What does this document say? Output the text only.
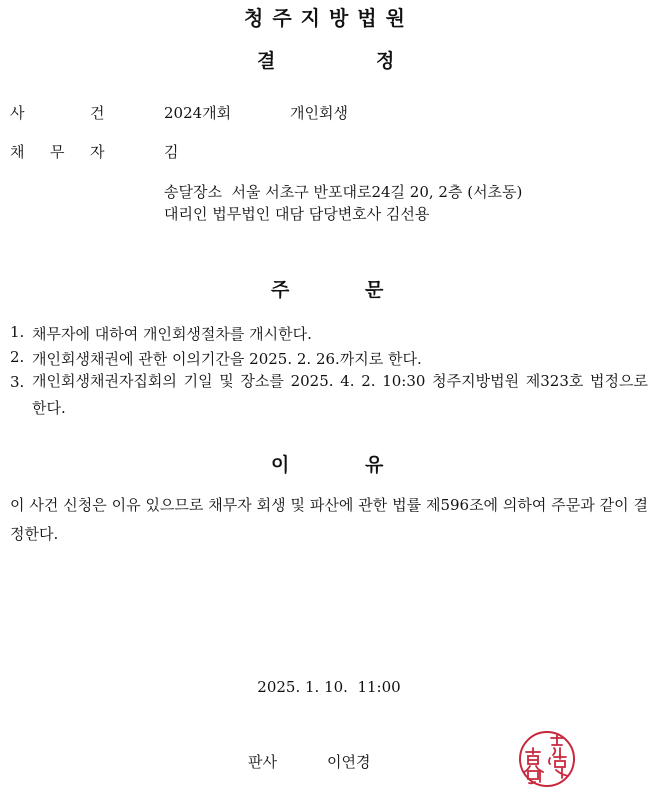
청주지방법원
결	정
사	건	2024개회	개인회생
채 무 자	김
송달장소  서울 서초구 반포대로24길 20, 2층 (서초동)
대리인 법무법인 대담 담당변호사 김선용
주	문
1. 채무자에 대하여 개인회생절차를 개시한다.
2. 개인회생채권에 관한 이의기간을 2025. 2. 26.까지로 한다.
3. 개인회생채권자집회의 기일 및 장소를 2025. 4. 2. 10:30 청주지방법원 제323호 법정으로 한다.
이	유
이 사건 신청은 이유 있으므로 채무자 회생 및 파산에 관한 법률 제596조에 의하여 주문과 같이 결정한다.
2025. 1. 10.  11:00
판사	이연경
